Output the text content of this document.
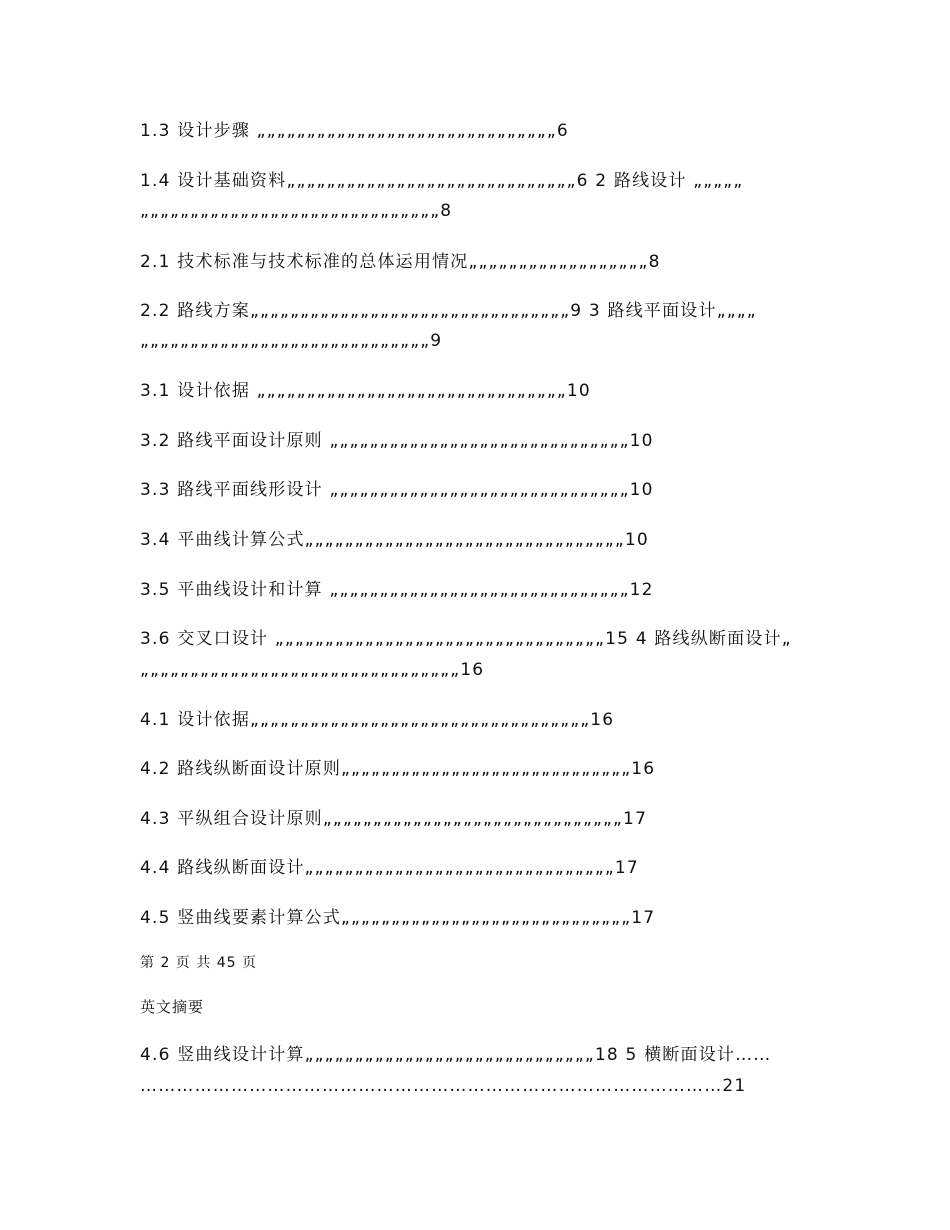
1.3 设计步骤 „„„„„„„„„„„„„„„„„„„„„„„„„„„„„„6
1.4 设计基础资料„„„„„„„„„„„„„„„„„„„„„„„„„„„„„6 2 路线设计 „„„„„
„„„„„„„„„„„„„„„„„„„„„„„„„„„„„„8
2.1 技术标准与技术标准的总体运用情况„„„„„„„„„„„„„„„„„„8
2.2 路线方案„„„„„„„„„„„„„„„„„„„„„„„„„„„„„„„„9 3 路线平面设计„„„„
„„„„„„„„„„„„„„„„„„„„„„„„„„„„„9
3.1 设计依据 „„„„„„„„„„„„„„„„„„„„„„„„„„„„„„„10
3.2 路线平面设计原则 „„„„„„„„„„„„„„„„„„„„„„„„„„„„„„10
3.3 路线平面线形设计 „„„„„„„„„„„„„„„„„„„„„„„„„„„„„„10
3.4 平曲线计算公式„„„„„„„„„„„„„„„„„„„„„„„„„„„„„„„„10
3.5 平曲线设计和计算 „„„„„„„„„„„„„„„„„„„„„„„„„„„„„„12
3.6 交叉口设计 „„„„„„„„„„„„„„„„„„„„„„„„„„„„„„„„„15 4 路线纵断面设计„
„„„„„„„„„„„„„„„„„„„„„„„„„„„„„„„„16
4.1 设计依据„„„„„„„„„„„„„„„„„„„„„„„„„„„„„„„„„„16
4.2 路线纵断面设计原则„„„„„„„„„„„„„„„„„„„„„„„„„„„„„16
4.3 平纵组合设计原则„„„„„„„„„„„„„„„„„„„„„„„„„„„„„„17
4.4 路线纵断面设计„„„„„„„„„„„„„„„„„„„„„„„„„„„„„„„17
4.5 竖曲线要素计算公式„„„„„„„„„„„„„„„„„„„„„„„„„„„„„17
第 2 页 共 45 页
英文摘要
4.6 竖曲线设计计算„„„„„„„„„„„„„„„„„„„„„„„„„„„„„18 5 横断面设计……
……………………………………………………………………………………21
